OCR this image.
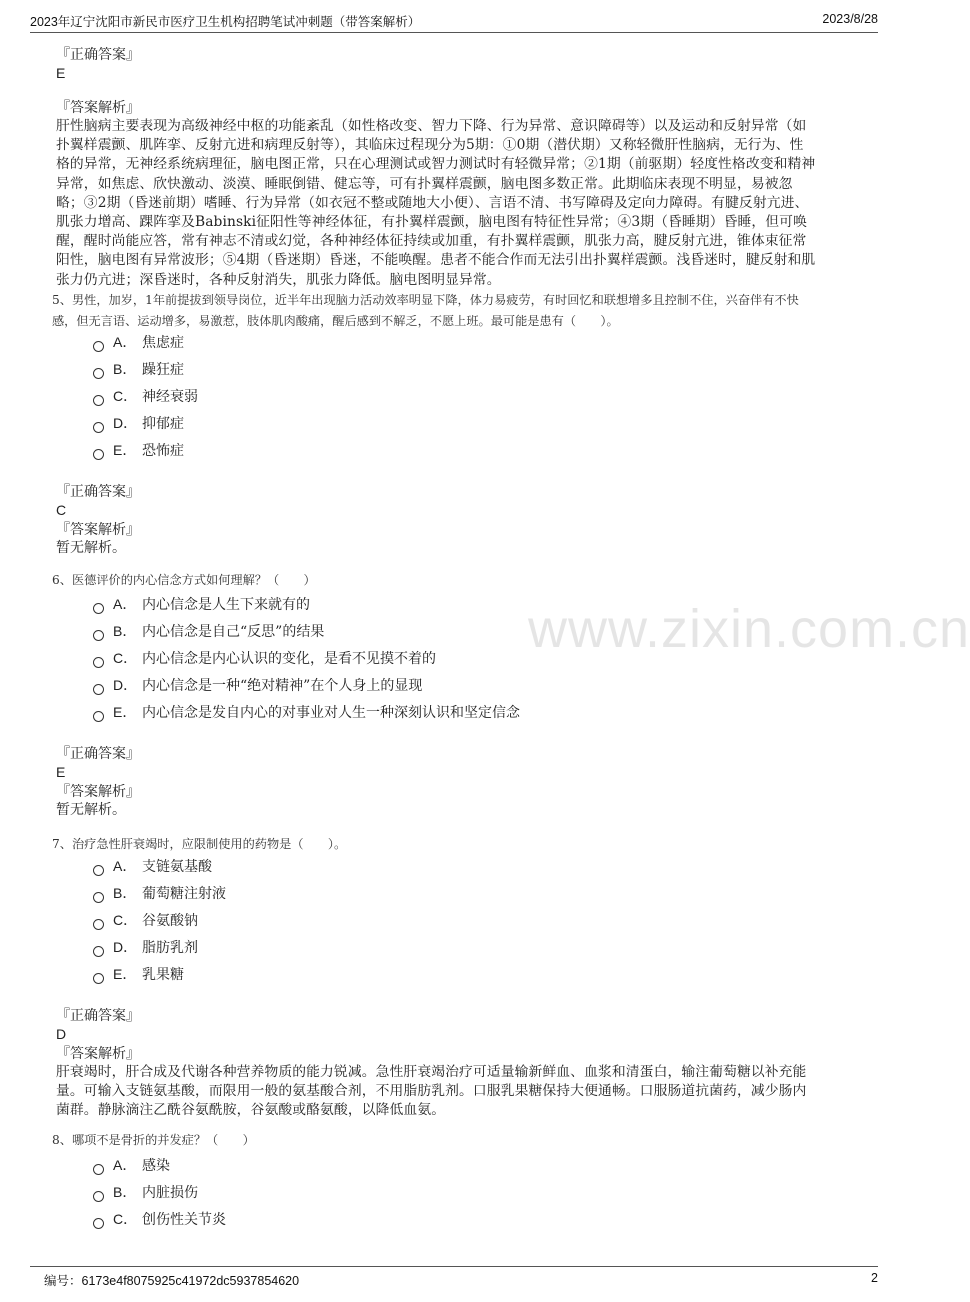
2023年辽宁沈阳市新民市医疗卫生机构招聘笔试冲刺题（带答案解析）	2023/8/28
www.zixin.com.cn
『正确答案』
E
『答案解析』
肝性脑病主要表现为高级神经中枢的功能紊乱（如性格改变、智力下降、行为异常、意识障碍等）以及运动和反射异常（如
扑翼样震颤、肌阵挛、反射亢进和病理反射等），其临床过程现分为5期：①0期（潜伏期）又称轻微肝性脑病，无行为、性
格的异常，无神经系统病理征，脑电图正常，只在心理测试或智力测试时有轻微异常；②1期（前驱期）轻度性格改变和精神
异常，如焦虑、欣快激动、淡漠、睡眠倒错、健忘等，可有扑翼样震颤，脑电图多数正常。此期临床表现不明显，易被忽
略；③2期（昏迷前期）嗜睡、行为异常（如衣冠不整或随地大小便）、言语不清、书写障碍及定向力障碍。有腱反射亢进、
肌张力增高、踝阵挛及Babinski征阳性等神经体征，有扑翼样震颤，脑电图有特征性异常；④3期（昏睡期）昏睡，但可唤
醒，醒时尚能应答，常有神志不清或幻觉，各种神经体征持续或加重，有扑翼样震颤，肌张力高，腱反射亢进，锥体束征常
阳性，脑电图有异常波形；⑤4期（昏迷期）昏迷，不能唤醒。患者不能合作而无法引出扑翼样震颤。浅昏迷时，腱反射和肌
张力仍亢进；深昏迷时，各种反射消失，肌张力降低。脑电图明显异常。
5、男性，加岁，1年前提拔到领导岗位，近半年出现脑力活动效率明显下降，体力易疲劳，有时回忆和联想增多且控制不住，兴奋伴有不快
感，但无言语、运动增多，易激惹，肢体肌肉酸痛，醒后感到不解乏，不愿上班。最可能是患有（　　）。
A． 焦虑症
B． 躁狂症
C． 神经衰弱
D． 抑郁症
E． 恐怖症
『正确答案』
C
『答案解析』
暂无解析。
6、医德评价的内心信念方式如何理解？（　　）
A． 内心信念是人生下来就有的
B． 内心信念是自己“反思”的结果
C． 内心信念是内心认识的变化，是看不见摸不着的
D． 内心信念是一种“绝对精神”在个人身上的显现
E． 内心信念是发自内心的对事业对人生一种深刻认识和坚定信念
『正确答案』
E
『答案解析』
暂无解析。
7、治疗急性肝衰竭时，应限制使用的药物是（　　）。
A． 支链氨基酸
B． 葡萄糖注射液
C． 谷氨酸钠
D． 脂肪乳剂
E． 乳果糖
『正确答案』
D
『答案解析』
肝衰竭时，肝合成及代谢各种营养物质的能力锐减。急性肝衰竭治疗可适量输新鲜血、血浆和清蛋白，输注葡萄糖以补充能
量。可输入支链氨基酸，而限用一般的氨基酸合剂，不用脂肪乳剂。口服乳果糖保持大便通畅。口服肠道抗菌药，减少肠内
菌群。静脉滴注乙酰谷氨酰胺，谷氨酸或酪氨酸，以降低血氨。
8、哪项不是骨折的并发症？（　　）
A． 感染
B． 内脏损伤
C． 创伤性关节炎
编号：6173e4f8075925c41972dc5937854620	2
